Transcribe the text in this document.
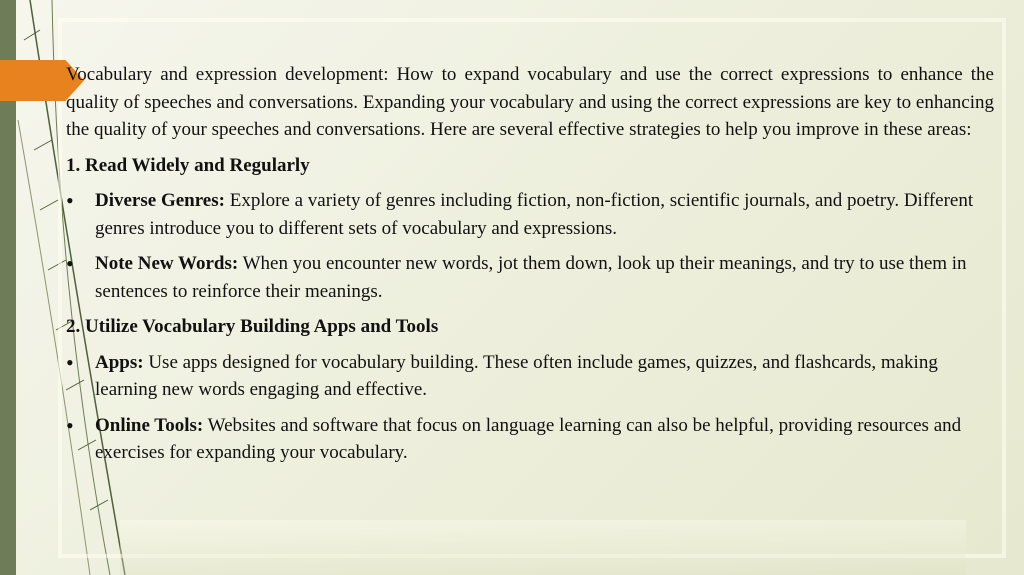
Vocabulary and expression development: How to expand vocabulary and use the correct expressions to enhance the quality of speeches and conversations. Expanding your vocabulary and using the correct expressions are key to enhancing the quality of your speeches and conversations. Here are several effective strategies to help you improve in these areas:

1. Read Widely and Regularly

• Diverse Genres: Explore a variety of genres including fiction, non-fiction, scientific journals, and poetry. Different genres introduce you to different sets of vocabulary and expressions.
• Note New Words: When you encounter new words, jot them down, look up their meanings, and try to use them in sentences to reinforce their meanings.

2. Utilize Vocabulary Building Apps and Tools

• Apps: Use apps designed for vocabulary building. These often include games, quizzes, and flashcards, making learning new words engaging and effective.
• Online Tools: Websites and software that focus on language learning can also be helpful, providing resources and exercises for expanding your vocabulary.
